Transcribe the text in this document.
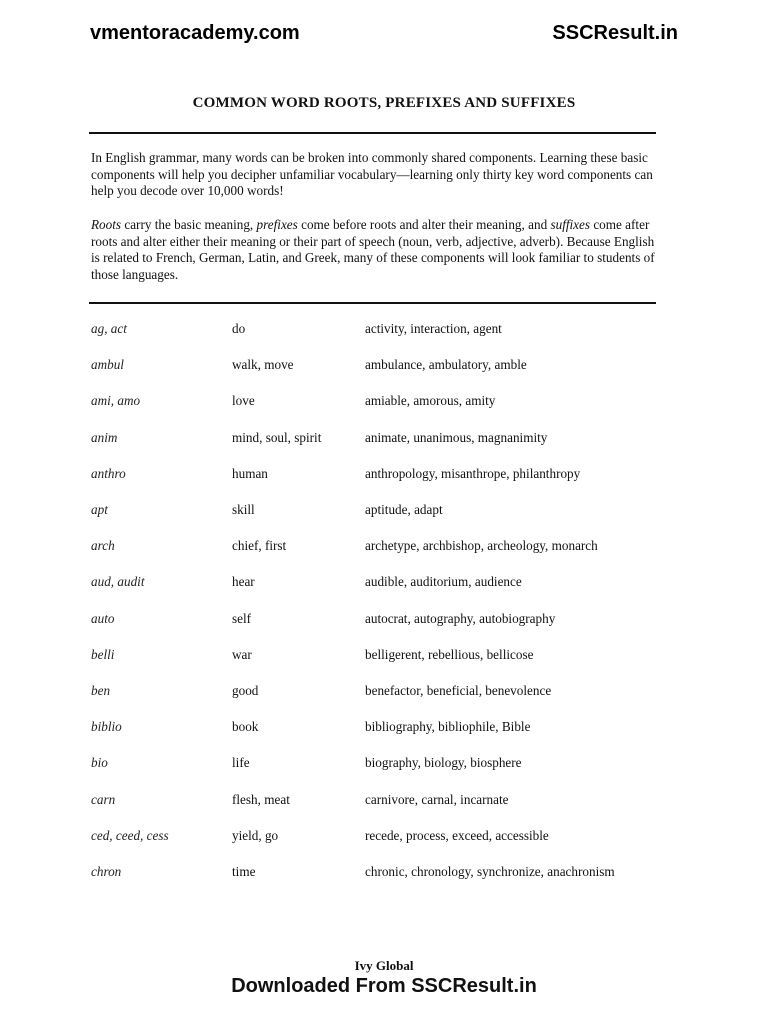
vmentoracademy.com	SSCResult.in
COMMON WORD ROOTS, PREFIXES AND SUFFIXES

In English grammar, many words can be broken into commonly shared components. Learning these basic components will help you decipher unfamiliar vocabulary—learning only thirty key word components can help you decode over 10,000 words!

Roots carry the basic meaning, prefixes come before roots and alter their meaning, and suffixes come after roots and alter either their meaning or their part of speech (noun, verb, adjective, adverb). Because English is related to French, German, Latin, and Greek, many of these components will look familiar to students of those languages.

ag, act	do	activity, interaction, agent
ambul	walk, move	ambulance, ambulatory, amble
ami, amo	love	amiable, amorous, amity
anim	mind, soul, spirit	animate, unanimous, magnanimity
anthro	human	anthropology, misanthrope, philanthropy
apt	skill	aptitude, adapt
arch	chief, first	archetype, archbishop, archeology, monarch
aud, audit	hear	audible, auditorium, audience
auto	self	autocrat, autography, autobiography
belli	war	belligerent, rebellious, bellicose
ben	good	benefactor, beneficial, benevolence
biblio	book	bibliography, bibliophile, Bible
bio	life	biography, biology, biosphere
carn	flesh, meat	carnivore, carnal, incarnate
ced, ceed, cess	yield, go	recede, process, exceed, accessible
chron	time	chronic, chronology, synchronize, anachronism
Ivy Global
Downloaded From SSCResult.in
